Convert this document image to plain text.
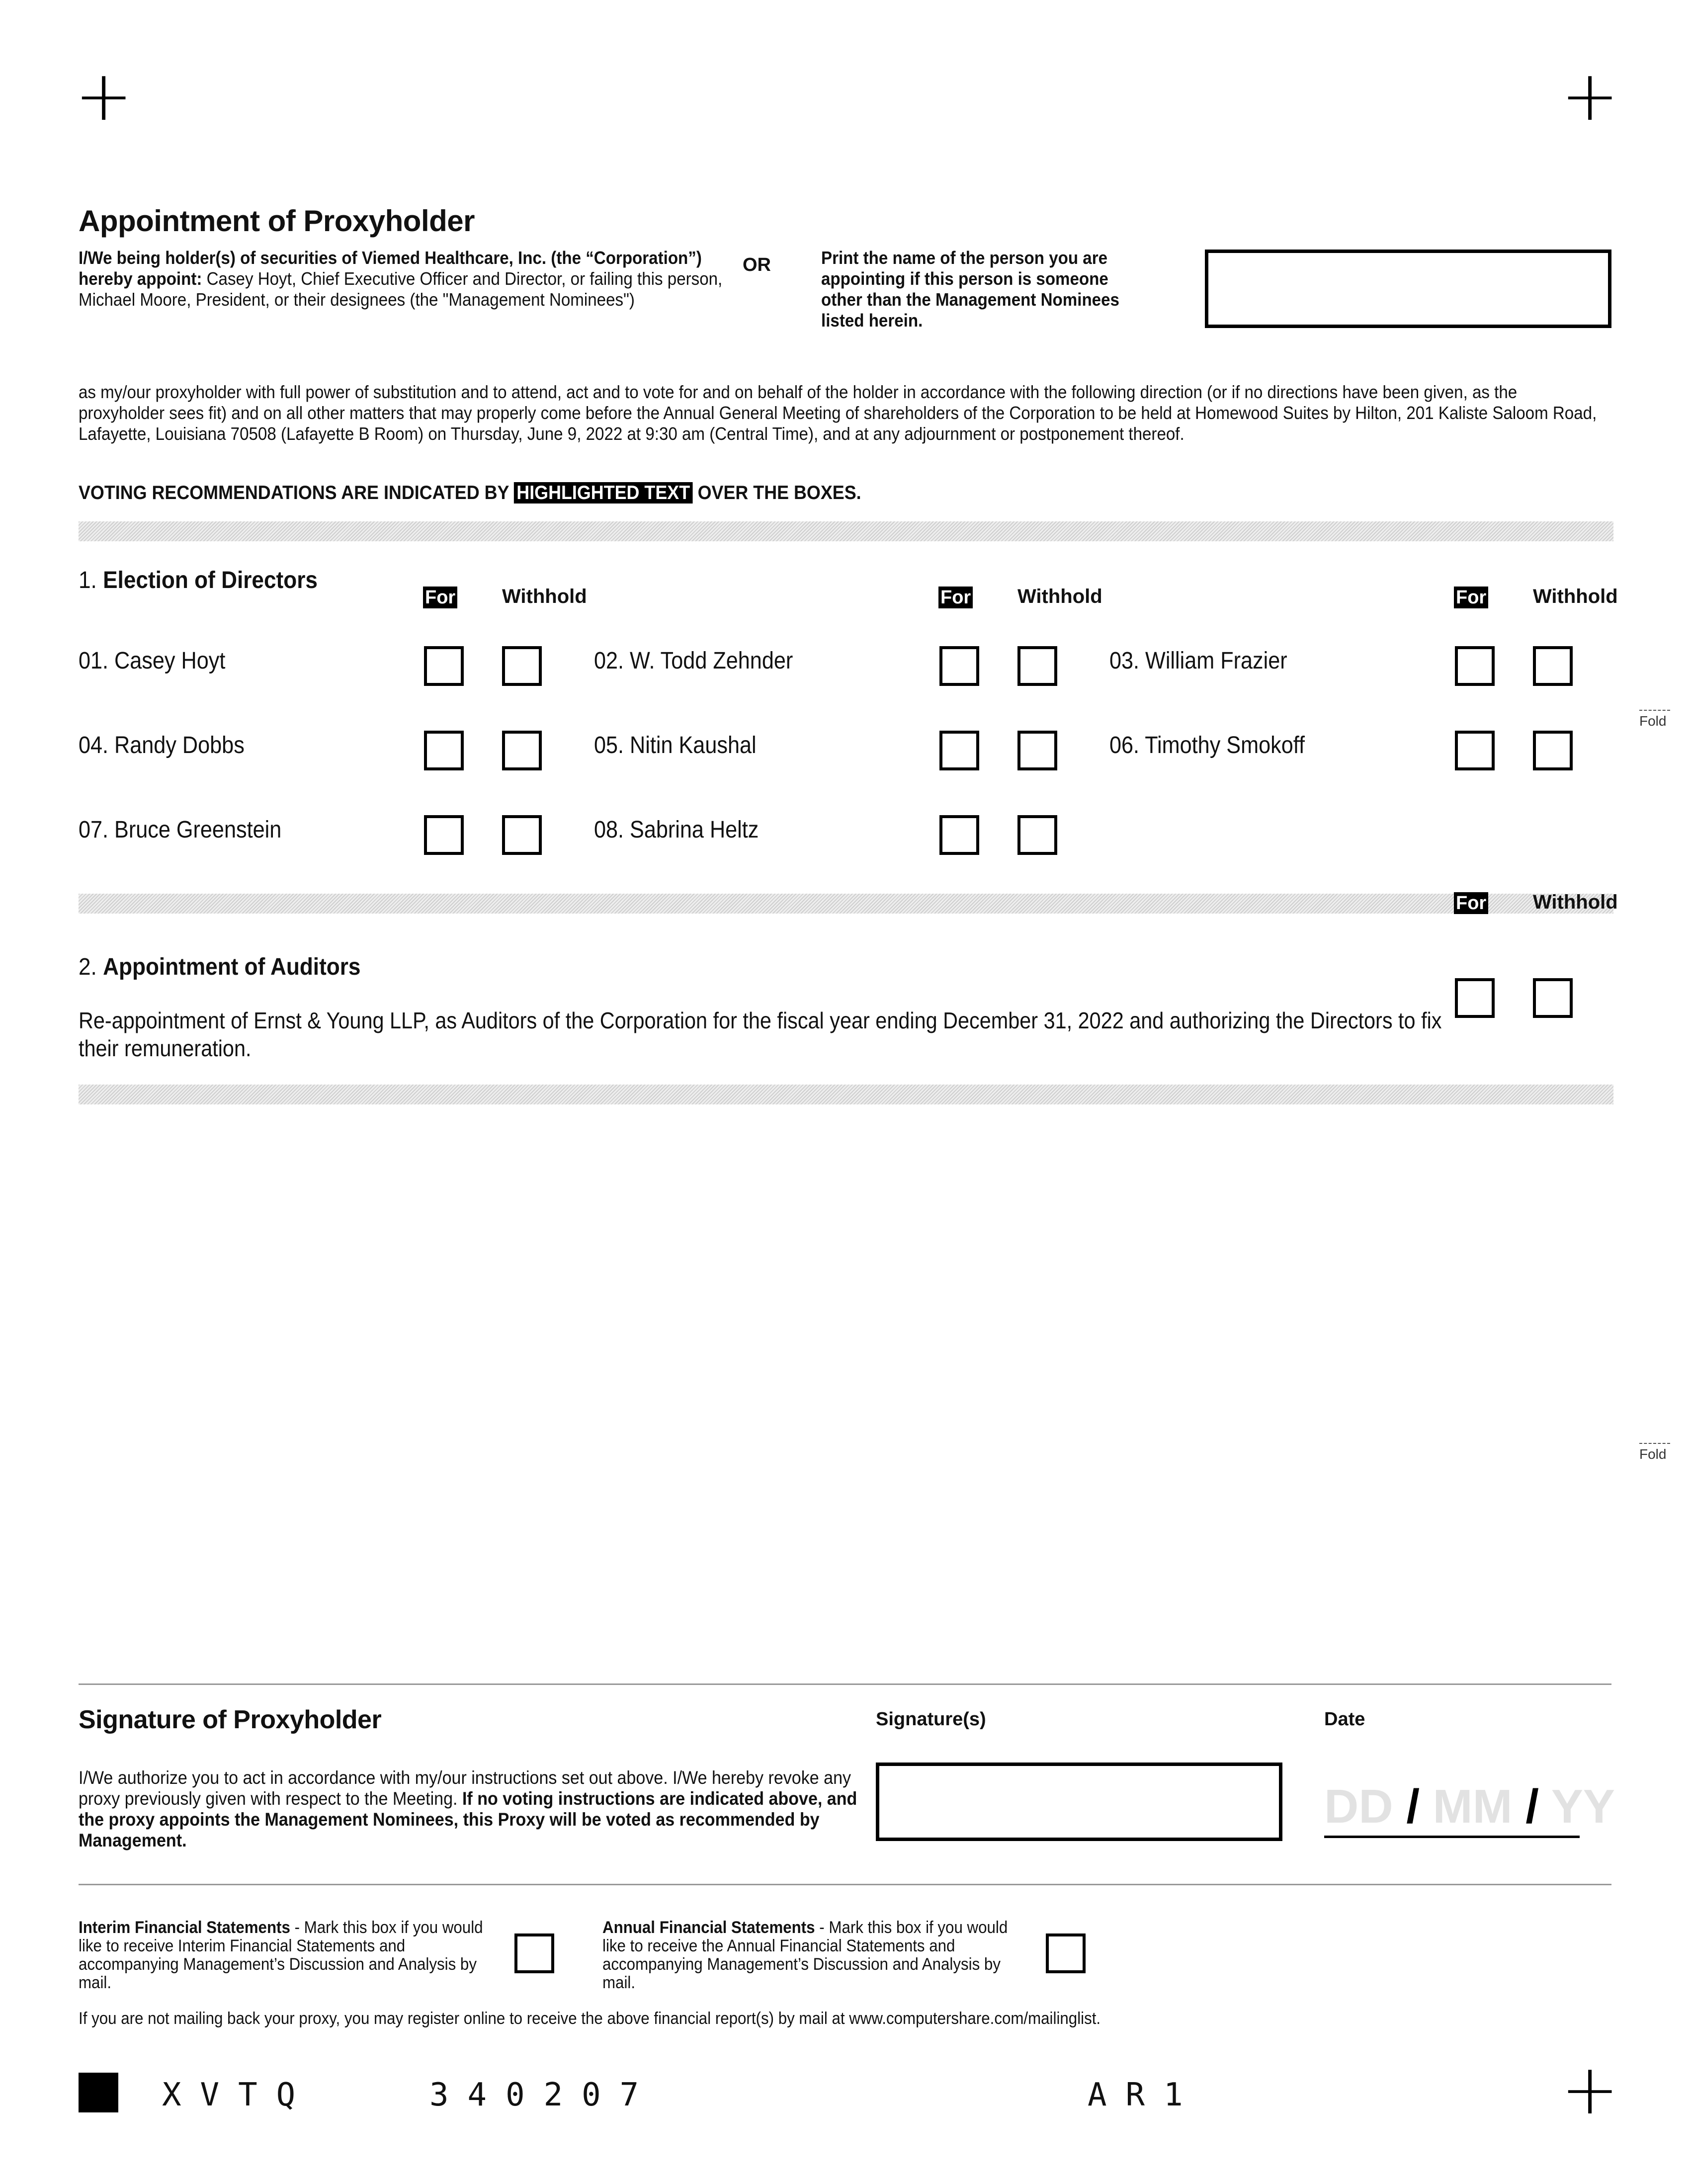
+	+
+
Appointment of Proxyholder
I/We being holder(s) of securities of Viemed Healthcare, Inc. (the “Corporation”) hereby appoint: Casey Hoyt, Chief Executive Officer and Director, or failing this person, Michael Moore, President, or their designees (the "Management Nominees")
OR	Print the name of the person you are appointing if this person is someone other than the Management Nominees listed herein.
as my/our proxyholder with full power of substitution and to attend, act and to vote for and on behalf of the holder in accordance with the following direction (or if no directions have been given, as the proxyholder sees fit) and on all other matters that may properly come before the Annual General Meeting of shareholders of the Corporation to be held at Homewood Suites by Hilton, 201 Kaliste Saloom Road, Lafayette, Louisiana 70508 (Lafayette B Room) on Thursday, June 9, 2022 at 9:30 am (Central Time), and at any adjournment or postponement thereof.
VOTING RECOMMENDATIONS ARE INDICATED BY HIGHLIGHTED TEXT OVER THE BOXES.
1. Election of Directors
For Withhold	For Withhold	For Withhold
01. Casey Hoyt	02. W. Todd Zehnder	03. William Frazier
04. Randy Dobbs	05. Nitin Kaushal	06. Timothy Smokoff
07. Bruce Greenstein	08. Sabrina Heltz
Fold
Fold
For Withhold
2. Appointment of Auditors
Re-appointment of Ernst & Young LLP, as Auditors of the Corporation for the fiscal year ending December 31, 2022 and authorizing the Directors to fix their remuneration.
Signature of Proxyholder
I/We authorize you to act in accordance with my/our instructions set out above. I/We hereby revoke any proxy previously given with respect to the Meeting. If no voting instructions are indicated above, and the proxy appoints the Management Nominees, this Proxy will be voted as recommended by Management.
Signature(s)	Date
DD / MM / YY
Interim Financial Statements - Mark this box if you would like to receive Interim Financial Statements and accompanying Management’s Discussion and Analysis by mail.
Annual Financial Statements - Mark this box if you would like to receive the Annual Financial Statements and accompanying Management’s Discussion and Analysis by mail.
If you are not mailing back your proxy, you may register online to receive the above financial report(s) by mail at www.computershare.com/mailinglist.
XVTQ	340207	AR1
